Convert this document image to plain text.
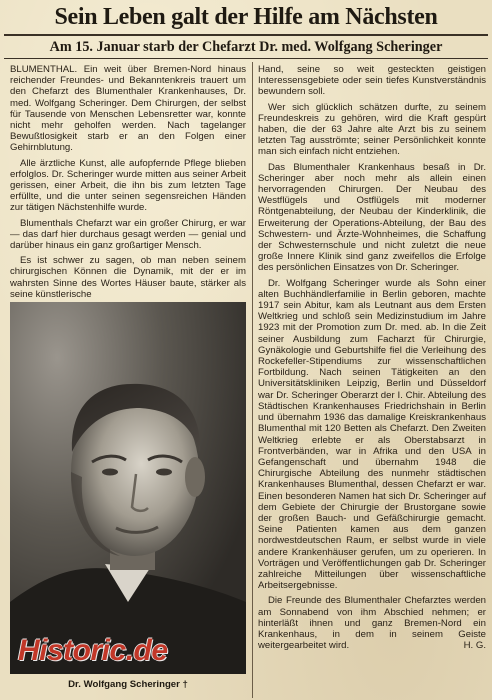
Sein Leben galt der Hilfe am Nächsten
Am 15. Januar starb der Chefarzt Dr. med. Wolfgang Scheringer

BLUMENTHAL. Ein weit über Bremen-Nord hinaus reichender Freundes- und Bekanntenkreis trauert um den Chefarzt des Blumenthaler Krankenhauses, Dr. med. Wolfgang Scheringer. Dem Chirurgen, der selbst für Tausende von Menschen Lebensretter war, konnte nicht mehr geholfen werden. Nach tagelanger Bewußtlosigkeit starb er an den Folgen einer Gehirnblutung.

Alle ärztliche Kunst, alle aufopfernde Pflege blieben erfolglos. Dr. Scheringer wurde mitten aus seiner Arbeit gerissen, einer Arbeit, die ihn bis zum letzten Tage erfüllte, und die unter seinen segensreichen Händen zur tätigen Nächstenhilfe wurde.

Blumenthals Chefarzt war ein großer Chirurg, er war — das darf hier durchaus gesagt werden — genial und darüber hinaus ein ganz großartiger Mensch.

Es ist schwer zu sagen, ob man neben seinem chirurgischen Können die Dynamik, mit der er im wahrsten Sinne des Wortes Häuser baute, stärker als seine künstlerische

Historic.de
Dr. Wolfgang Scheringer †

Hand, seine so weit gesteckten geistigen Interessensgebiete oder sein tiefes Kunstverständnis bewundern soll.

Wer sich glücklich schätzen durfte, zu seinem Freundeskreis zu gehören, wird die Kraft gespürt haben, die der 63 Jahre alte Arzt bis zu seinem letzten Tag ausströmte; seiner Persönlichkeit konnte man sich einfach nicht entziehen.

Das Blumenthaler Krankenhaus besaß in Dr. Scheringer aber noch mehr als allein einen hervorragenden Chirurgen. Der Neubau des Westflügels und Ostflügels mit moderner Röntgenabteilung, der Neubau der Kinderklinik, die Erweiterung der Operations-Abteilung, der Bau des Schwestern- und Ärzte-Wohnheimes, die Schaffung der Schwesternschule und nicht zuletzt die neue große Innere Klinik sind ganz zweifellos die Erfolge des persönlichen Einsatzes von Dr. Scheringer.

Dr. Wolfgang Scheringer wurde als Sohn einer alten Buchhändlerfamilie in Berlin geboren, machte 1917 sein Abitur, kam als Leutnant aus dem Ersten Weltkrieg und schloß sein Medizinstudium im Jahre 1923 mit der Promotion zum Dr. med. ab. In die Zeit seiner Ausbildung zum Facharzt für Chirurgie, Gynäkologie und Geburtshilfe fiel die Verleihung des Rockefeller-Stipendiums zur wissenschaftlichen Fortbildung. Nach seinen Tätigkeiten an den Universitätskliniken Leipzig, Berlin und Düsseldorf war Dr. Scheringer Oberarzt der I. Chir. Abteilung des Städtischen Krankenhauses Friedrichshain in Berlin und übernahm 1936 das damalige Kreiskrankenhaus Blumenthal mit 120 Betten als Chefarzt. Den Zweiten Weltkrieg erlebte er als Oberstabsarzt in Frontverbänden, war in Afrika und den USA in Gefangenschaft und übernahm 1948 die Chirurgische Abteilung des nunmehr städtischen Krankenhauses Blumenthal, dessen Chefarzt er war. Einen besonderen Namen hat sich Dr. Scheringer auf dem Gebiete der Chirurgie der Brustorgane sowie der großen Bauch- und Gefäßchirurgie gemacht. Seine Patienten kamen aus dem ganzen nordwestdeutschen Raum, er selbst wurde in viele andere Krankenhäuser gerufen, um zu operieren. In Vorträgen und Veröffentlichungen gab Dr. Scheringer zahlreiche Mitteilungen über wissenschaftliche Arbeitsergebnisse.

Die Freunde des Blumenthaler Chefarztes werden am Sonnabend von ihm Abschied nehmen; er hinterläßt ihnen und ganz Bremen-Nord ein Krankenhaus, in dem in seinem Geiste weitergearbeitet wird.	H. G.
